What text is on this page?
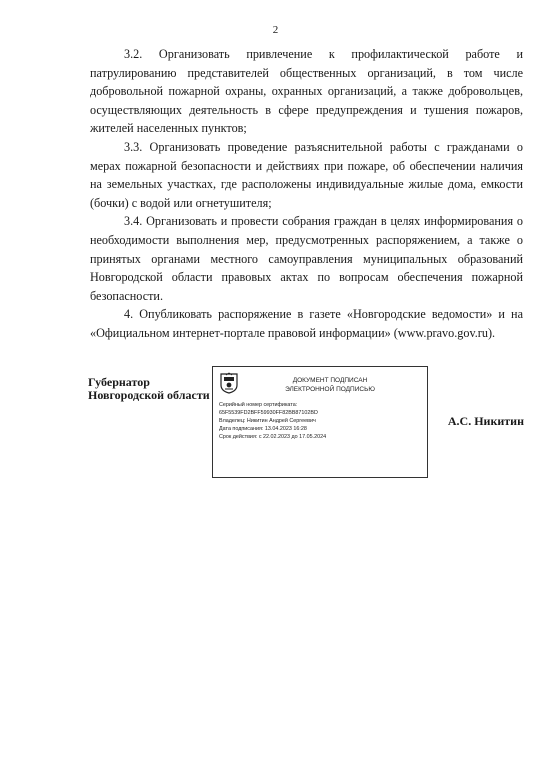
2

3.2. Организовать привлечение к профилактической работе и патрулированию представителей общественных организаций, в том числе добровольной пожарной охраны, охранных организаций, а также добровольцев, осуществляющих деятельность в сфере предупреждения и тушения пожаров, жителей населенных пунктов;

3.3. Организовать проведение разъяснительной работы с гражданами о мерах пожарной безопасности и действиях при пожаре, об обеспечении наличия на земельных участках, где расположены индивидуальные жилые дома, емкости (бочки) с водой или огнетушителя;

3.4. Организовать и провести собрания граждан в целях информирования о необходимости выполнения мер, предусмотренных распоряжением, а также о принятых органами местного самоуправления муниципальных образований Новгородской области правовых актах по вопросам обеспечения пожарной безопасности.

4. Опубликовать распоряжение в газете «Новгородские ведомости» и на «Официальном интернет-портале правовой информации» (www.pravo.gov.ru).

Губернатор
Новгородской области
ДОКУМЕНТ ПОДПИСАН
ЭЛЕКТРОННОЙ ПОДПИСЬЮ
Серийный номер сертификата:
65F5539FD2BFF59930FF82BB87102BD
Владелец: Никитин Андрей Сергеевич
Дата подписания: 13.04.2023 16:28
Срок действия: с 22.02.2023 до 17.05.2024
А.С. Никитин
